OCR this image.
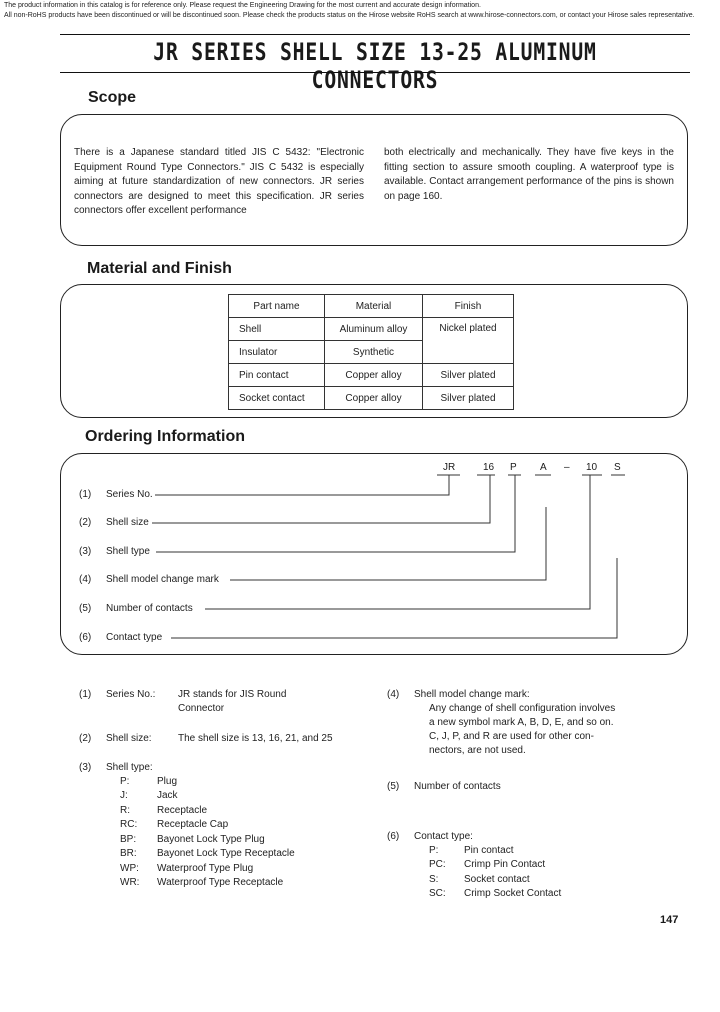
The product information in this catalog is for reference only. Please request the Engineering Drawing for the most current and accurate design information.
All non-RoHS products have been discontinued or will be discontinued soon. Please check the products status on the Hirose website RoHS search at www.hirose-connectors.com, or contact your Hirose sales representative.
JR SERIES SHELL SIZE 13-25 ALUMINUM CONNECTORS
Scope
There is a Japanese standard titled JIS C 5432: "Electronic Equipment Round Type Connectors." JIS C 5432 is especially aiming at future standardization of new connectors. JR series connectors are designed to meet this specification. JR series connectors offer excellent performance
both electrically and mechanically. They have five keys in the fitting section to assure smooth coupling. A waterproof type is available. Contact arrangement performance of the pins is shown on page 160.
Material and Finish
Part name	Material	Finish
Shell	Aluminum alloy	Nickel plated
Insulator	Synthetic	
Pin contact	Copper alloy	Silver plated
Socket contact	Copper alloy	Silver plated
Ordering Information
JR	16 P A – 10 S
(1) Series No.
(2) Shell size
(3) Shell type
(4) Shell model change mark
(5) Number of contacts
(6) Contact type
(1) Series No.: JR stands for JIS Round
Connector
(2) Shell size:	The shell size is 13, 16, 21, and 25
(3) Shell type:
P:	Plug
J:	Jack
R:	Receptacle
RC: Receptacle Cap
BP: Bayonet Lock Type Plug
BR: Bayonet Lock Type Receptacle
WP: Waterproof Type Plug
WR: Waterproof Type Receptacle
(4) Shell model change mark:
Any change of shell configuration involves
a new symbol mark A, B, D, E, and so on.
C, J, P, and R are used for other con-
nectors, are not used.
(5) Number of contacts
(6) Contact type:
P:	Pin contact
PC: Crimp Pin Contact
S:	Socket contact
SC: Crimp Socket Contact
147
